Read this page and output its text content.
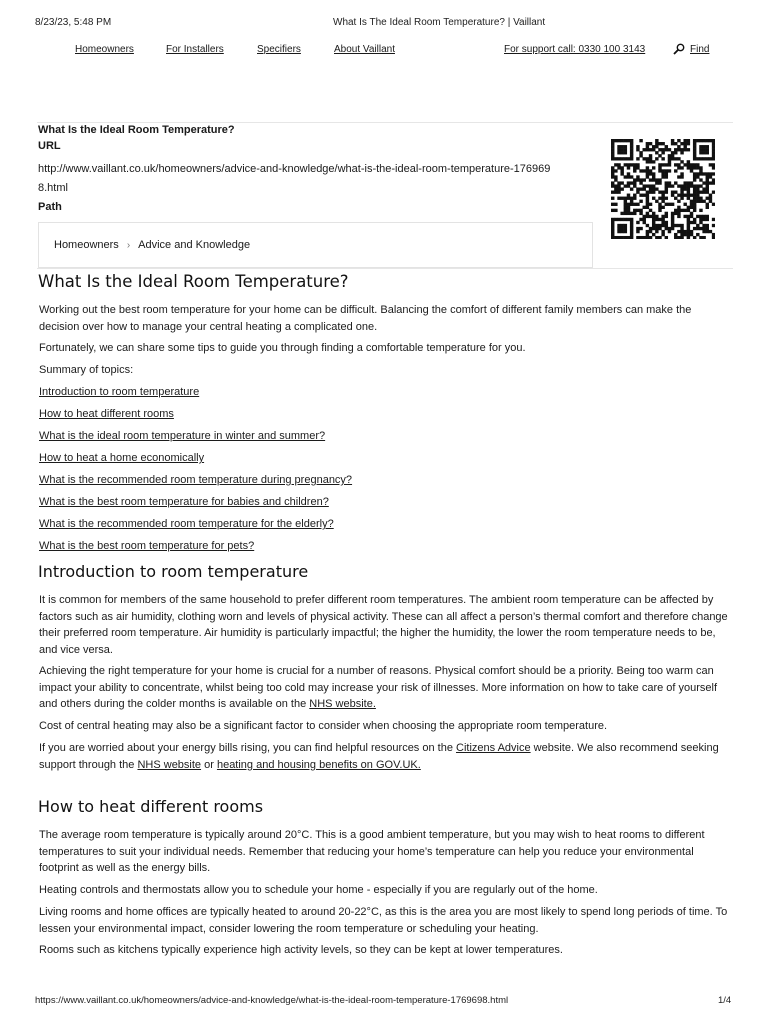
8/23/23, 5:48 PM	What Is The Ideal Room Temperature? | Vaillant
Homeowners	For Installers	Specifiers	About Vaillant	For support call: 0330 100 3143	Find
What Is the Ideal Room Temperature?
URL
http://www.vaillant.co.uk/homeowners/advice-and-knowledge/what-is-the-ideal-room-temperature-1769698.html
Path
Homeowners › Advice and Knowledge
What Is the Ideal Room Temperature?

Working out the best room temperature for your home can be difficult. Balancing the comfort of different family members can make the decision over how to manage your central heating a complicated one.

Fortunately, we can share some tips to guide you through finding a comfortable temperature for you.

Summary of topics:

Introduction to room temperature
How to heat different rooms
What is the ideal room temperature in winter and summer?
How to heat a home economically
What is the recommended room temperature during pregnancy?
What is the best room temperature for babies and children?
What is the recommended room temperature for the elderly?
What is the best room temperature for pets?
Introduction to room temperature

It is common for members of the same household to prefer different room temperatures. The ambient room temperature can be affected by factors such as air humidity, clothing worn and levels of physical activity. These can all affect a person’s thermal comfort and therefore change their preferred room temperature. Air humidity is particularly impactful; the higher the humidity, the lower the room temperature needs to be, and vice versa.

Achieving the right temperature for your home is crucial for a number of reasons. Physical comfort should be a priority. Being too warm can impact your ability to concentrate, whilst being too cold may increase your risk of illnesses. More information on how to take care of yourself and others during the colder months is available on the NHS website.

Cost of central heating may also be a significant factor to consider when choosing the appropriate room temperature.

If you are worried about your energy bills rising, you can find helpful resources on the Citizens Advice website. We also recommend seeking support through the NHS website or heating and housing benefits on GOV.UK.

How to heat different rooms

The average room temperature is typically around 20°C. This is a good ambient temperature, but you may wish to heat rooms to different temperatures to suit your individual needs. Remember that reducing your home’s temperature can help you reduce your environmental footprint as well as the energy bills.

Heating controls and thermostats allow you to schedule your home - especially if you are regularly out of the home.

Living rooms and home offices are typically heated to around 20-22°C, as this is the area you are most likely to spend long periods of time. To lessen your environmental impact, consider lowering the room temperature or scheduling your heating.

Rooms such as kitchens typically experience high activity levels, so they can be kept at lower temperatures.

https://www.vaillant.co.uk/homeowners/advice-and-knowledge/what-is-the-ideal-room-temperature-1769698.html	1/4
